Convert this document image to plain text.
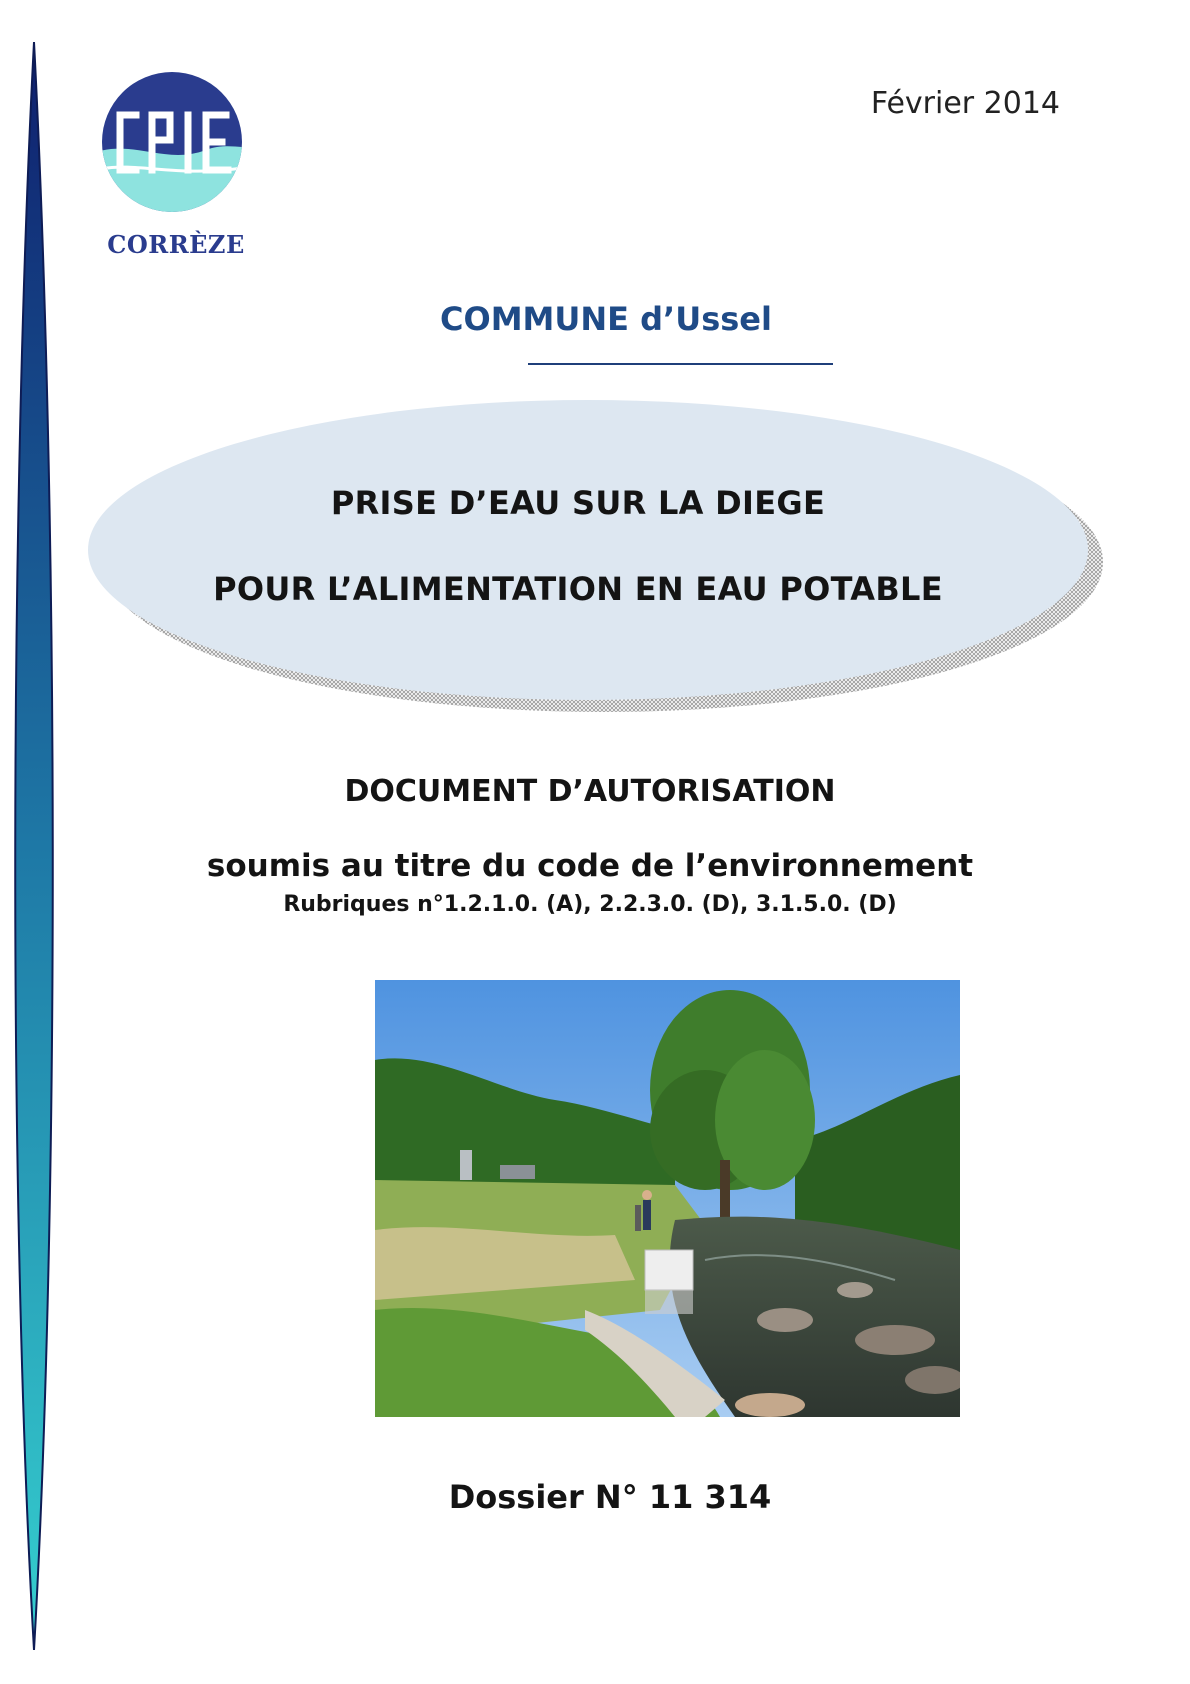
CORRÈZE
Février 2014
COMMUNE d’Ussel
PRISE D’EAU SUR LA DIEGE
POUR L’ALIMENTATION EN EAU POTABLE
DOCUMENT D’AUTORISATION
soumis au titre du code de l’environnement
Rubriques n°1.2.1.0. (A), 2.2.3.0. (D), 3.1.5.0. (D)
Dossier N° 11 314
